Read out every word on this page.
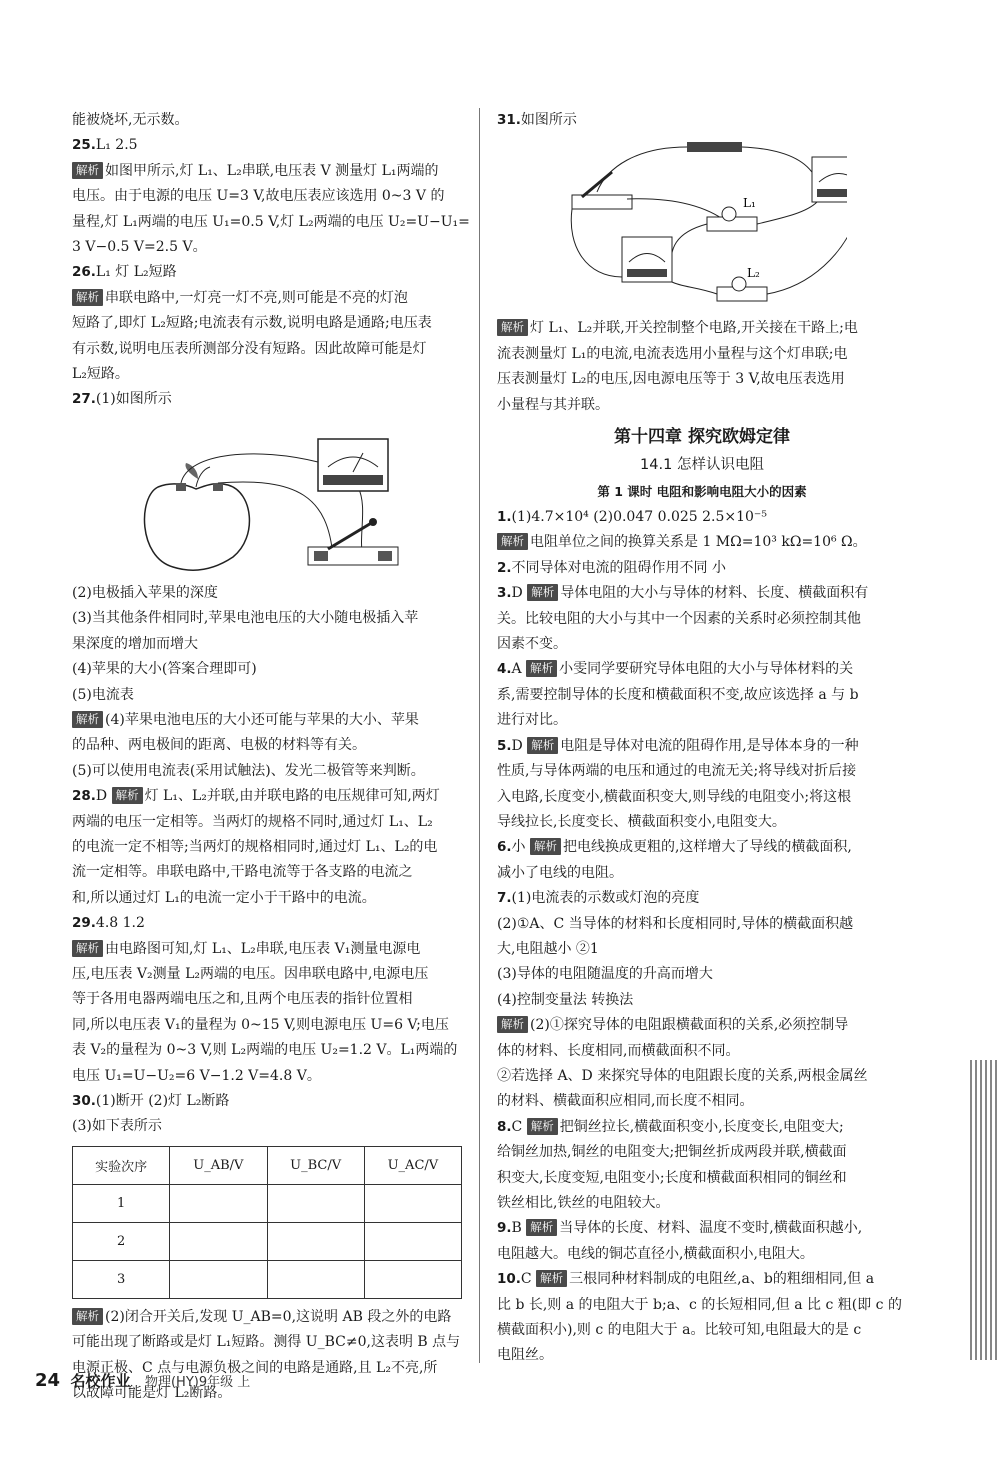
能被烧坏,无示数。
25.L₁ 2.5
解析 如图甲所示,灯 L₁、L₂串联,电压表 V 测量灯 L₁两端的
电压。由于电源的电压 U=3 V,故电压表应该选用 0~3 V 的
量程,灯 L₁两端的电压 U₁=0.5 V,灯 L₂两端的电压 U₂=U−U₁=
3 V−0.5 V=2.5 V。
26.L₁ 灯 L₂短路
解析 串联电路中,一灯亮一灯不亮,则可能是不亮的灯泡
短路了,即灯 L₂短路;电流表有示数,说明电路是通路;电压表
有示数,说明电压表所测部分没有短路。因此故障可能是灯
L₂短路。
27.(1)如图所示
(2)电极插入苹果的深度
(3)当其他条件相同时,苹果电池电压的大小随电极插入苹
果深度的增加而增大
(4)苹果的大小(答案合理即可)
(5)电流表
解析 (4)苹果电池电压的大小还可能与苹果的大小、苹果
的品种、两电极间的距离、电极的材料等有关。
(5)可以使用电流表(采用试触法)、发光二极管等来判断。
28.D 解析 灯 L₁、L₂并联,由并联电路的电压规律可知,两灯
两端的电压一定相等。当两灯的规格不同时,通过灯 L₁、L₂
的电流一定不相等;当两灯的规格相同时,通过灯 L₁、L₂的电
流一定相等。串联电路中,干路电流等于各支路的电流之
和,所以通过灯 L₁的电流一定小于干路中的电流。
29.4.8 1.2
解析 由电路图可知,灯 L₁、L₂串联,电压表 V₁测量电源电
压,电压表 V₂测量 L₂两端的电压。因串联电路中,电源电压
等于各用电器两端电压之和,且两个电压表的指针位置相
同,所以电压表 V₁的量程为 0~15 V,则电源电压 U=6 V;电压
表 V₂的量程为 0~3 V,则 L₂两端的电压 U₂=1.2 V。L₁两端的
电压 U₁=U−U₂=6 V−1.2 V=4.8 V。
30.(1)断开 (2)灯 L₂断路
(3)如下表所示
实验次序	U_AB/V	U_BC/V	U_AC/V
1			
2			
3			
解析 (2)闭合开关后,发现 U_AB=0,这说明 AB 段之外的电路
可能出现了断路或是灯 L₁短路。测得 U_BC≠0,这表明 B 点与
电源正极、C 点与电源负极之间的电路是通路,且 L₂不亮,所
以故障可能是灯 L₂断路。
31.如图所示
L₁
L₂
解析 灯 L₁、L₂并联,开关控制整个电路,开关接在干路上;电
流表测量灯 L₁的电流,电流表选用小量程与这个灯串联;电
压表测量灯 L₂的电压,因电源电压等于 3 V,故电压表选用
小量程与其并联。
第十四章 探究欧姆定律
14.1 怎样认识电阻
第 1 课时 电阻和影响电阻大小的因素
1.(1)4.7×10⁴ (2)0.047 0.025 2.5×10⁻⁵
解析 电阻单位之间的换算关系是 1 MΩ=10³ kΩ=10⁶ Ω。
2.不同导体对电流的阻碍作用不同 小
3.D 解析 导体电阻的大小与导体的材料、长度、横截面积有
关。比较电阻的大小与其中一个因素的关系时必须控制其他
因素不变。
4.A 解析 小雯同学要研究导体电阻的大小与导体材料的关
系,需要控制导体的长度和横截面积不变,故应该选择 a 与 b
进行对比。
5.D 解析 电阻是导体对电流的阻碍作用,是导体本身的一种
性质,与导体两端的电压和通过的电流无关;将导线对折后接
入电路,长度变小,横截面积变大,则导线的电阻变小;将这根
导线拉长,长度变长、横截面积变小,电阻变大。
6.小 解析 把电线换成更粗的,这样增大了导线的横截面积,
减小了电线的电阻。
7.(1)电流表的示数或灯泡的亮度
(2)①A、C 当导体的材料和长度相同时,导体的横截面积越
大,电阻越小 ②1
(3)导体的电阻随温度的升高而增大
(4)控制变量法 转换法
解析 (2)①探究导体的电阻跟横截面积的关系,必须控制导
体的材料、长度相同,而横截面积不同。
②若选择 A、D 来探究导体的电阻跟长度的关系,两根金属丝
的材料、横截面积应相同,而长度不相同。
8.C 解析 把铜丝拉长,横截面积变小,长度变长,电阻变大;
给铜丝加热,铜丝的电阻变大;把铜丝折成两段并联,横截面
积变大,长度变短,电阻变小;长度和横截面积相同的铜丝和
铁丝相比,铁丝的电阻较大。
9.B 解析 当导体的长度、材料、温度不变时,横截面积越小,
电阻越大。电线的铜芯直径小,横截面积小,电阻大。
10.C 解析 三根同种材料制成的电阻丝,a、b的粗细相同,但 a
比 b 长,则 a 的电阻大于 b;a、c 的长短相同,但 a 比 c 粗(即 c 的
横截面积小),则 c 的电阻大于 a。比较可知,电阻最大的是 c
电阻丝。
24 名校作业 物理(HY)9年级 上
